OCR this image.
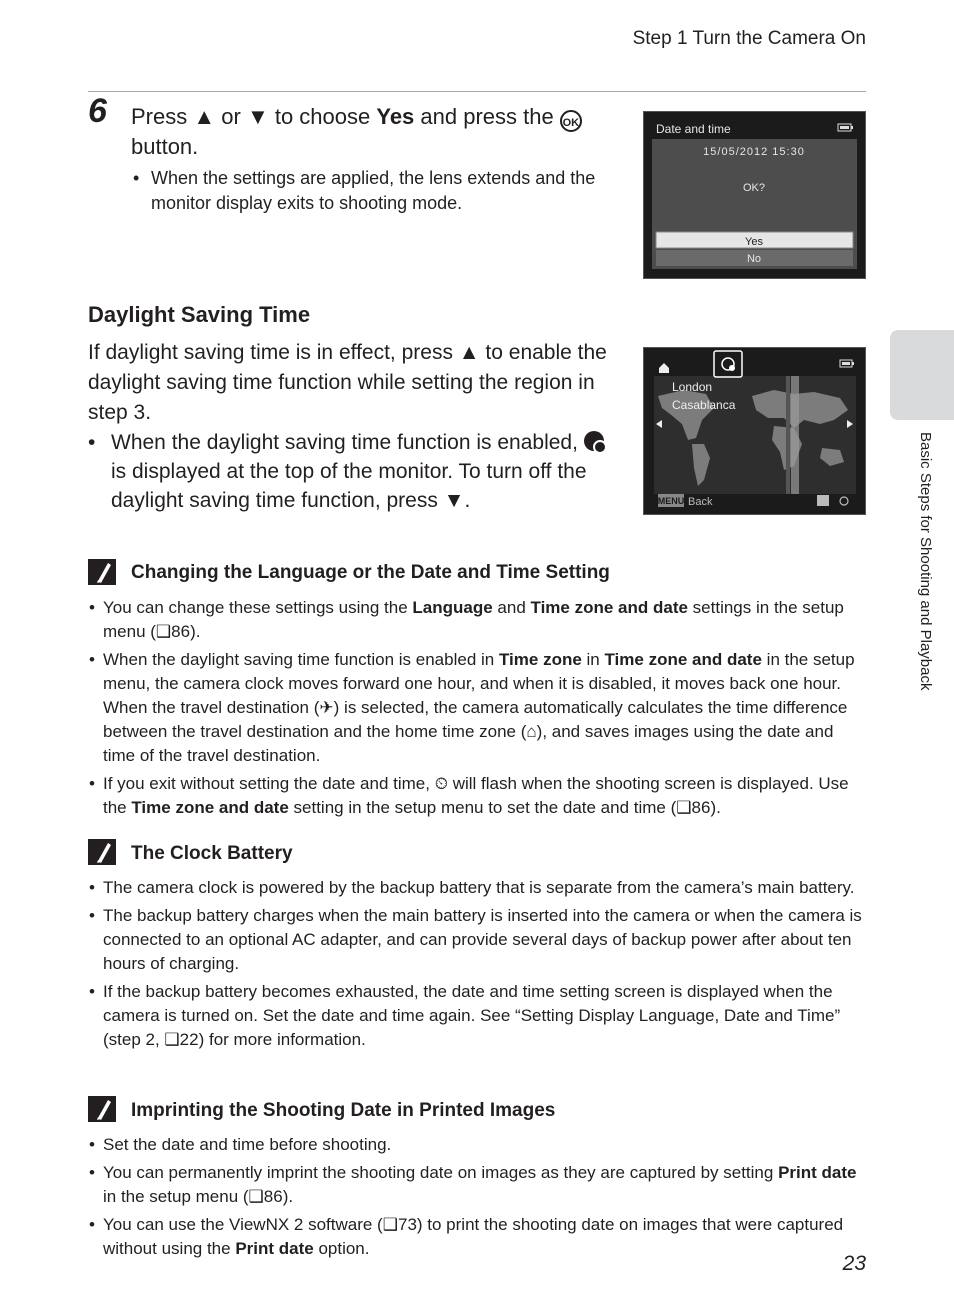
Step 1 Turn the Camera On
Basic Steps for Shooting and Playback
6 Press ▲ or ▼ to choose Yes and press the OK button.
• When the settings are applied, the lens extends and the monitor display exits to shooting mode.
Date and time
15/05/2012 15:30
OK?
Yes
No
Daylight Saving Time
If daylight saving time is in effect, press ▲ to enable the daylight saving time function while setting the region in step 3.
• When the daylight saving time function is enabled,
is displayed at the top of the monitor. To turn off the daylight saving time function, press ▼.
London
Casablanca
MENU Back
Changing the Language or the Date and Time Setting
• You can change these settings using the Language and Time zone and date settings in the setup menu (❑86).
• When the daylight saving time function is enabled in Time zone in Time zone and date in the setup menu, the camera clock moves forward one hour, and when it is disabled, it moves back one hour. When the travel destination (✈) is selected, the camera automatically calculates the time difference between the travel destination and the home time zone (⌂), and saves images using the date and time of the travel destination.
• If you exit without setting the date and time, ⏲ will flash when the shooting screen is displayed. Use the Time zone and date setting in the setup menu to set the date and time (❑86).
The Clock Battery
• The camera clock is powered by the backup battery that is separate from the camera’s main battery.
• The backup battery charges when the main battery is inserted into the camera or when the camera is connected to an optional AC adapter, and can provide several days of backup power after about ten hours of charging.
• If the backup battery becomes exhausted, the date and time setting screen is displayed when the camera is turned on. Set the date and time again. See “Setting Display Language, Date and Time” (step 2, ❑22) for more information.
Imprinting the Shooting Date in Printed Images
• Set the date and time before shooting.
• You can permanently imprint the shooting date on images as they are captured by setting Print date in the setup menu (❑86).
• You can use the ViewNX 2 software (❑73) to print the shooting date on images that were captured without using the Print date option.
23
